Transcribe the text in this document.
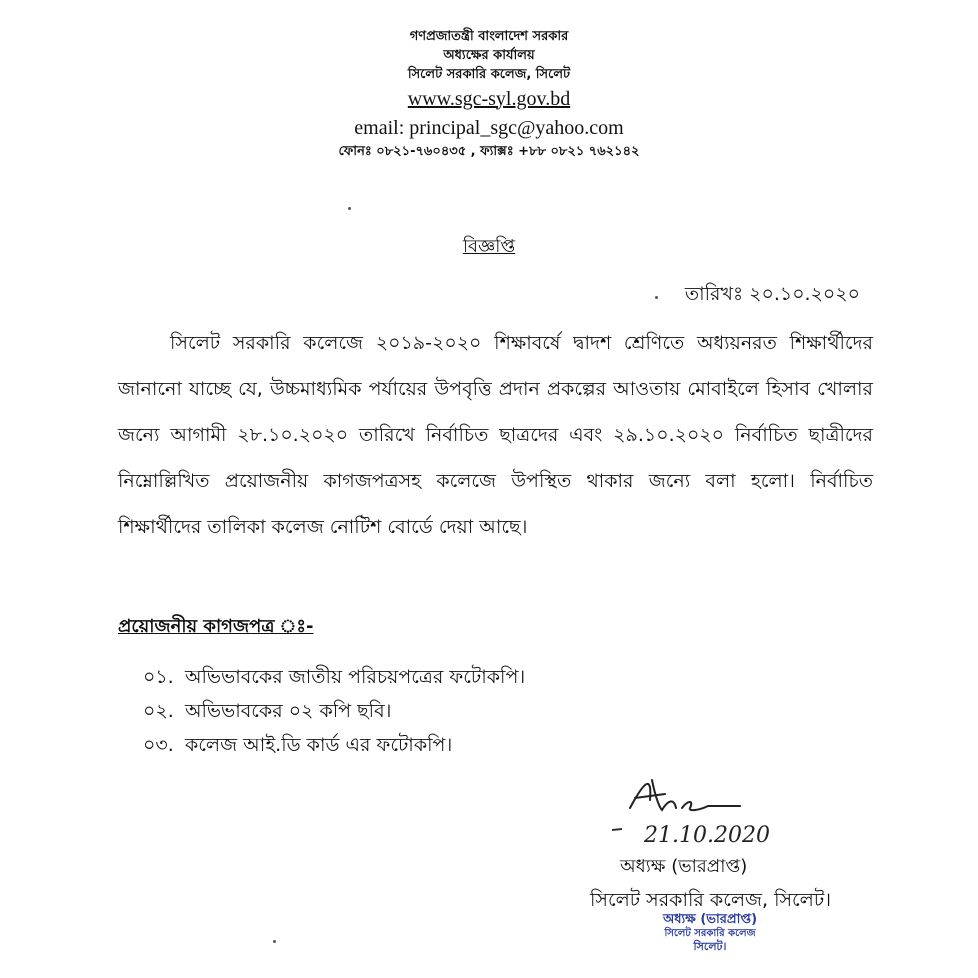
গণপ্রজাতন্ত্রী বাংলাদেশ সরকার
অধ্যক্ষের কার্যালয়
সিলেট সরকারি কলেজ, সিলেট
www.sgc-syl.gov.bd
email: principal_sgc@yahoo.com
ফোনঃ ০৮২১-৭৬০৪৩৫ , ফ্যাক্সঃ +৮৮ ০৮২১ ৭৬২১৪২
বিজ্ঞপ্তি
তারিখঃ ২০.১০.২০২০
সিলেট সরকারি কলেজে ২০১৯-২০২০ শিক্ষাবর্ষে দ্বাদশ শ্রেণিতে অধ্যয়নরত শিক্ষার্থীদের জানানো যাচ্ছে যে, উচ্চমাধ্যমিক পর্যায়ের উপবৃত্তি প্রদান প্রকল্পের আওতায় মোবাইলে হিসাব খোলার জন্যে আগামী ২৮.১০.২০২০ তারিখে নির্বাচিত ছাত্রদের এবং ২৯.১০.২০২০ নির্বাচিত ছাত্রীদের নিম্নোল্লিখিত প্রয়োজনীয় কাগজপত্রসহ কলেজে উপস্থিত থাকার জন্যে বলা হলো। নির্বাচিত শিক্ষার্থীদের তালিকা কলেজ নোটিশ বোর্ডে দেয়া আছে।
প্রয়োজনীয় কাগজপত্র ঃ-
০১. অভিভাবকের জাতীয় পরিচয়পত্রের ফটোকপি।
০২. অভিভাবকের ০২ কপি ছবি।
০৩. কলেজ আই.ডি কার্ড এর ফটোকপি।
21.10.2020
অধ্যক্ষ (ভারপ্রাপ্ত)
সিলেট সরকারি কলেজ, সিলেট।
অধ্যক্ষ (ভারপ্রাপ্ত)
সিলেট সরকারি কলেজ
সিলেট।
